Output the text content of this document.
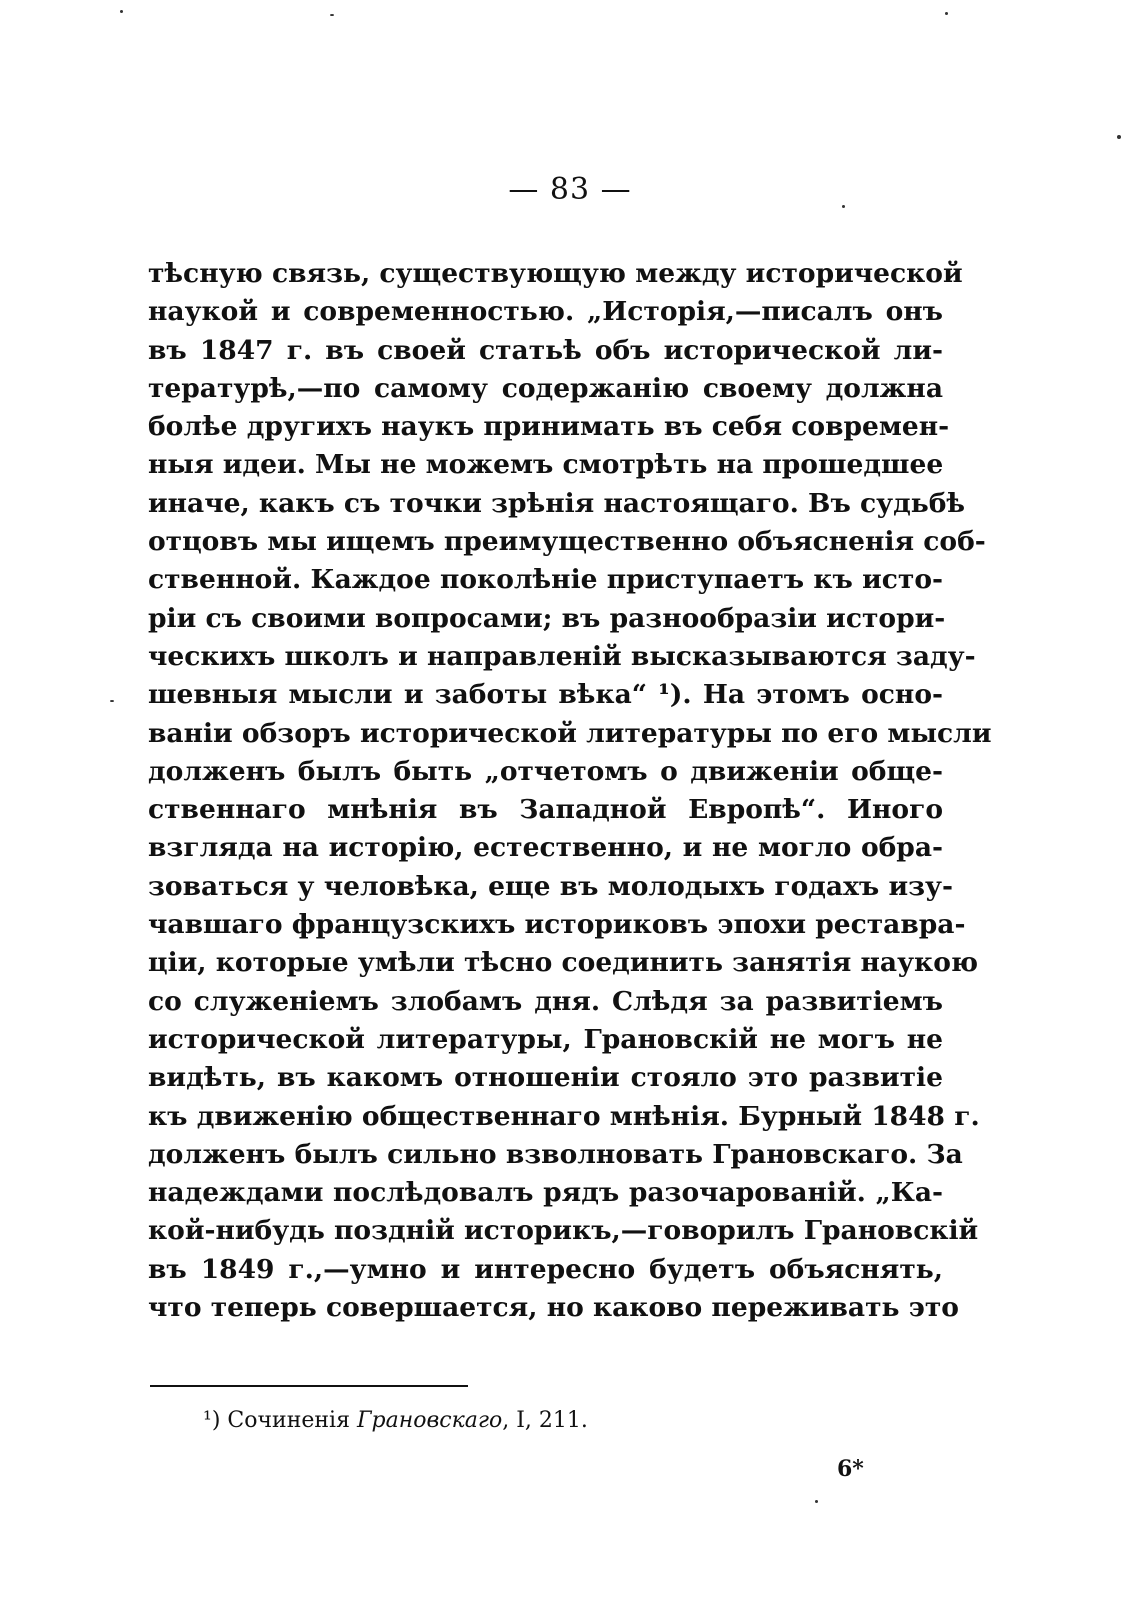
— 83 —
тѣсную связь, существующую между исторической
наукой и современностью. „Исторія,—писалъ онъ
въ 1847 г. въ своей статьѣ объ исторической ли-
тературѣ,—по самому содержанію своему должна
болѣе другихъ наукъ принимать въ себя современ-
ныя идеи. Мы не можемъ смотрѣть на прошедшее
иначе, какъ съ точки зрѣнія настоящаго. Въ судьбѣ
отцовъ мы ищемъ преимущественно объясненія соб-
ственной. Каждое поколѣніе приступаетъ къ исто-
ріи съ своими вопросами; въ разнообразіи истори-
ческихъ школъ и направленій высказываются заду-
шевныя мысли и заботы вѣка“ ¹). На этомъ осно-
ваніи обзоръ исторической литературы по его мысли
долженъ былъ быть „отчетомъ о движеніи обще-
ственнаго мнѣнія въ Западной Европѣ“. Иного
взгляда на исторію, естественно, и не могло обра-
зоваться у человѣка, еще въ молодыхъ годахъ изу-
чавшаго французскихъ историковъ эпохи реставра-
ціи, которые умѣли тѣсно соединить занятія наукою
со служеніемъ злобамъ дня. Слѣдя за развитіемъ
исторической литературы, Грановскій не могъ не
видѣть, въ какомъ отношеніи стояло это развитіе
къ движенію общественнаго мнѣнія. Бурный 1848 г.
долженъ былъ сильно взволновать Грановскаго. За
надеждами послѣдовалъ рядъ разочарованій. „Ка-
кой-нибудь поздній историкъ,—говорилъ Грановскій
въ 1849 г.,—умно и интересно будетъ объяснять,
что теперь совершается, но каково переживать это
¹) Сочиненія Грановскаго, I, 211.
6*
